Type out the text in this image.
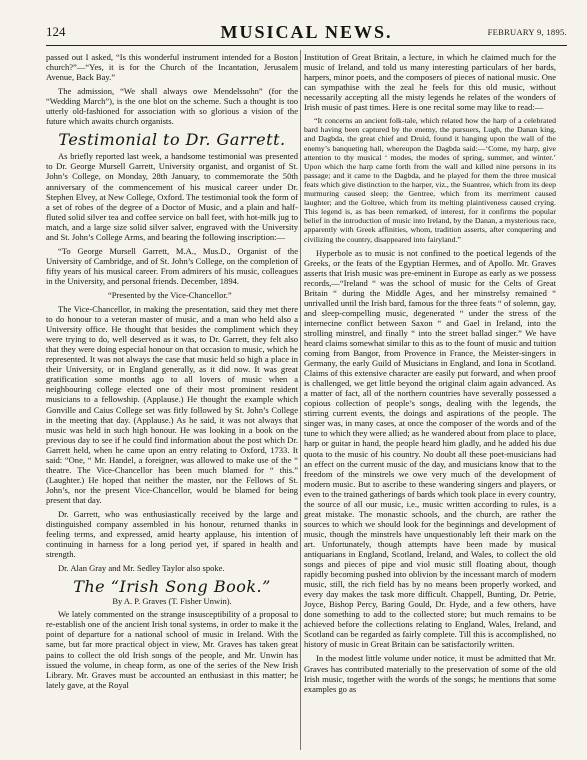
124	MUSICAL NEWS.	FEBRUARY 9, 1895.

passed out I asked, “Is this wonderful instrument intended for a Boston church?”—“Yes, it is for the Church of the Incantation, Jerusalem Avenue, Back Bay.”

The admission, “We shall always owe Mendelssohn” (for the “Wedding March”), is the one blot on the scheme. Such a thought is too utterly old-fashioned for association with so glorious a vision of the future which awaits church organists.

Testimonial to Dr. Garrett.

As briefly reported last week, a handsome testimonial was presented to Dr. George Mursell Garrett, University organist, and organist of St. John’s College, on Monday, 28th January, to commemorate the 50th anniversary of the commencement of his musical career under Dr. Stephen Elvey, at New College, Oxford. The testimonial took the form of a set of robes of the degree of a Doctor of Music, and a plain and half-fluted solid silver tea and coffee service on ball feet, with hot-milk jug to match, and a large size solid silver salver, engraved with the University and St. John’s College Arms, and bearing the following inscription:—

“To George Mursell Garrett, M.A., Mus.D., Organist of the University of Cambridge, and of St. John’s College, on the completion of fifty years of his musical career. From admirers of his music, colleagues in the University, and personal friends. December, 1894.

“Presented by the Vice-Chancellor.”

The Vice-Chancellor, in making the presentation, said they met there to do honour to a veteran master of music, and a man who held also a University office. He thought that besides the compliment which they were trying to do, well deserved as it was, to Dr. Garrett, they felt also that they were doing especial honour on that occasion to music, which he represented. It was not always the case that music held so high a place in their University, or in England generally, as it did now. It was great gratification some months ago to all lovers of music when a neighbouring college elected one of their most prominent resident musicians to a fellowship. (Applause.) He thought the example which Gonville and Caius College set was fitly followed by St. John’s College in the meeting that day. (Applause.) As he said, it was not always that music was held in such high honour. He was looking in a book on the previous day to see if he could find information about the post which Dr. Garrett held, when he came upon an entry relating to Oxford, 1733. It said: “One, “ Mr. Handel, a foreigner, was allowed to make use of the “ theatre. The Vice-Chancellor has been much blamed for “ this.” (Laughter.) He hoped that neither the master, nor the Fellows of St. John’s, nor the present Vice-Chancellor, would be blamed for being present that day.

Dr. Garrett, who was enthusiastically received by the large and distinguished company assembled in his honour, returned thanks in feeling terms, and expressed, amid hearty applause, his intention of continuing in harness for a long period yet, if spared in health and strength.

Dr. Alan Gray and Mr. Sedley Taylor also spoke.

The “Irish Song Book.”
By A. P. Graves (T. Fisher Unwin).

We lately commented on the strange insusceptibility of a proposal to re-establish one of the ancient Irish tonal systems, in order to make it the point of departure for a national school of music in Ireland. With the same, but far more practical object in view, Mr. Graves has taken great pains to collect the old Irish songs of the people, and Mr. Unwin has issued the volume, in cheap form, as one of the series of the New Irish Library. Mr. Graves must be accounted an enthusiast in this matter; he lately gave, at the Royal

Institution of Great Britain, a lecture, in which he claimed much for the music of Ireland, and told us many interesting particulars of her bards, harpers, minor poets, and the composers of pieces of national music. One can sympathise with the zeal he feels for this old music, without necessarily accepting all the misty legends he relates of the wonders of Irish music of past times. Here is one recital some may like to read:—

“It concerns an ancient folk-tale, which related how the harp of a celebrated bard having been captured by the enemy, the pursuers, Lugh, the Danan king, and Dagbda, the great chief and Druid, found it hanging upon the wall of the enemy’s banqueting hall, whereupon the Dagbda said:—‘Come, my harp, give attention to thy musical ‘ modes, the modes of spring, summer, and winter.’ Upon which the harp came forth from the wall and killed nine persons in its passage; and it came to the Dagbda, and he played for them the three musical feats which give distinction to the harper, viz., the Suantree, which from its deep murmuring caused sleep; the Gentree, which from its merriment caused laughter; and the Goltree, which from its melting plaintiveness caused crying. This legend is, as has been remarked, of interest, for it confirms the popular belief in the introduction of music into Ireland, by the Danan, a mysterious race, apparently with Greek affinities, whom, tradition asserts, after conquering and civilizing the country, disappeared into fairyland.”

Hyperbole as to music is not confined to the poetical legends of the Greeks, or the feats of the Egyptian Hermes, and of Apollo. Mr. Graves asserts that Irish music was pre-eminent in Europe as early as we possess records,—“Ireland “ was the school of music for the Celts of Great Britain “ during the Middle Ages, and her minstrelsy remained “ unrivalled until the Irish bard, famous for the three feats “ of solemn, gay, and sleep-compelling music, degenerated “ under the stress of the internecine conflict between Saxon “ and Gael in Ireland, into the strolling minstrel, and finally “ into the street ballad singer.” We have heard claims somewhat similar to this as to the fount of music and tuition coming from Bangor, from Provence in France, the Meister-singers in Germany, the early Guild of Musicians in England, and Iona in Scotland. Claims of this extensive character are easily put forward, and when proof is challenged, we get little beyond the original claim again advanced. As a matter of fact, all of the northern countries have severally possessed a copious collection of people’s songs, dealing with the legends, the stirring current events, the doings and aspirations of the people. The singer was, in many cases, at once the composer of the words and of the tune to which they were allied; as he wandered about from place to place, harp or guitar in hand, the people heard him gladly, and he added his due quota to the music of his country. No doubt all these poet-musicians had an effect on the current music of the day, and musicians know that to the freedom of the minstrels we owe very much of the development of modern music. But to ascribe to these wandering singers and players, or even to the trained gatherings of bards which took place in every country, the source of all our music, i.e., music written according to rules, is a great mistake. The monastic schools, and the church, are rather the sources to which we should look for the beginnings and development of music, though the minstrels have unquestionably left their mark on the art. Unfortunately, though attempts have been made by musical antiquarians in England, Scotland, Ireland, and Wales, to collect the old songs and pieces of pipe and viol music still floating about, though rapidly becoming pushed into oblivion by the incessant march of modern music, still, the rich field has by no means been properly worked, and every day makes the task more difficult. Chappell, Bunting, Dr. Petrie, Joyce, Bishop Percy, Baring Gould, Dr. Hyde, and a few others, have done something to add to the collected store; but much remains to be achieved before the collections relating to England, Wales, Ireland, and Scotland can be regarded as fairly complete. Till this is accomplished, no history of music in Great Britain can be satisfactorily written.

In the modest little volume under notice, it must be admitted that Mr. Graves has contributed materially to the preservation of some of the old Irish music, together with the words of the songs; he mentions that some examples go as
